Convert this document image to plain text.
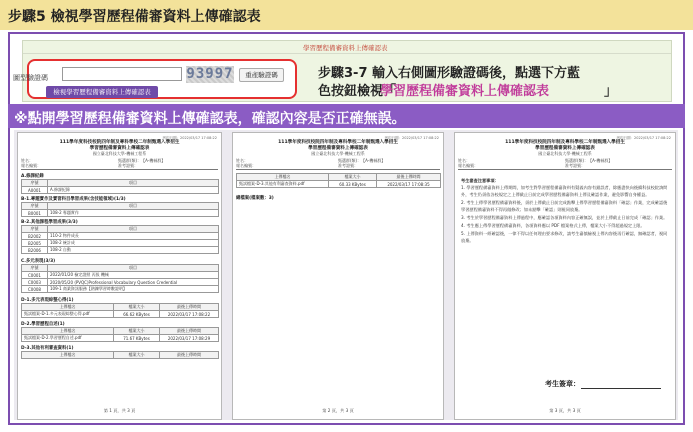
步驟5 檢視學習歷程備審資料上傳確認表
學習歷程備審資料上傳確認表
圖型驗證碼	93997	重產驗證碼
檢視學習歷程備審資料上傳確認表
步驟3-7 輸入右側圖形驗證碼後，點選下方藍
色按鈕檢視「
學習歷程備審資料上傳確認表	」
※點開學習歷程備審資料上傳確認表，確認內容是否正確無誤。
列印日期：2022/03/17 17:08:22
111學年度科技校院四年制及專科學校二年制甄選入學招生
學習歷程備審資料上傳確認表
國立臺北科技大學-機械工程系
姓名：
報名編號：
甄選群(類)：【A-機械群】
准考證號：
A.修課紀錄
序號	項目
A0001	A.修課紀錄
B-1.專題實作及實習科目學習成果(含技能領域)(1/3)
序號	項目
B0001	108-2 專題實作
B-2.其他課程學習成果(3/3)
序號	項目
B2002	110-2 物件成長
B2005	108-2 統計成
B2006	108-2 自動
C.多元表現(3/3)
序號	項目
C0001	2022/01/20 檢定證照 丙級 機械
C0003	2020/05/20 (PVQC)Professional Vocabulary Question Credential
C0008	109-1 商業資訊服務【熱鍊學習時數證明】
D-1.多元表現綜整心得(1)
上傳檔名	檔案大小	最後上傳時間
甄試檔案-D-1.多元表現綜整心得.pdf	66.62 KBytes	2022/03/17 17:08:22
D-2.學習歷程自述(1)
上傳檔名	檔案大小	最後上傳時間
甄試檔案-D-2.學習歷程自述.pdf	71.67 KBytes	2022/03/17 17:08:29
D-3.其他有利審查資料(1)
上傳檔名	檔案大小	最後上傳時間
第 1 頁，共 3 頁
列印日期：2022/03/17 17:08:22
111學年度科技校院四年制及專科學校二年制甄選入學招生
學習歷程備審資料上傳確認表
國立臺北科技大學-機械工程系
姓名：
報名編號：
甄選群(類)：【A-機械群】
准考證號：
上傳檔名	檔案大小	最後上傳時間
甄試檔案-D-3.其他有利審查資料.pdf	60.33 KBytes	2022/03/17 17:08:35
總檔案(檔案數：3)
第 2 頁，共 3 頁
列印日期：2022/03/17 17:08:22
111學年度科技校院四年制及專科學校二年制甄選入學招生
學習歷程備審資料上傳確認表
國立臺北科技大學-機械工程系
姓名：
報名編號：
甄選群(類)：【A-機械群】
准考證號：
考生審查注意事項：
1. 學習歷程備審資料上傳期間，如考生對學習歷程備審資料有疑義內容有錯誤者，除應盡快向後續科技校院詢問外，考生仍須依各校規定之上傳截止日前完成學習歷程備審資料上傳及確認作業，避免影響自身權益。
2. 考生上傳學習歷程備審資料後，須於上傳截止日前完成點擊上傳學習歷程備審資料「確認」作業，完成確認後學習歷程備審資料不得再做修改；如未點擊「確認」則視同放棄。
3. 考生於學習歷程備審資料上傳過程中，應確認各項資料內容正確無誤，並於上傳截止日前完成「確認」作業。
4. 考生應上傳學習歷程備審資料，各項資料應以 PDF 檔案格式上傳，檔案大小不得超過規定上限。
5. 上傳資料一經確認後，一律不得以任何理由要求修改，請考生審慎檢視上傳內容後再行確認，無確認者，視同放棄。
考生簽章：
第 3 頁，共 3 頁
